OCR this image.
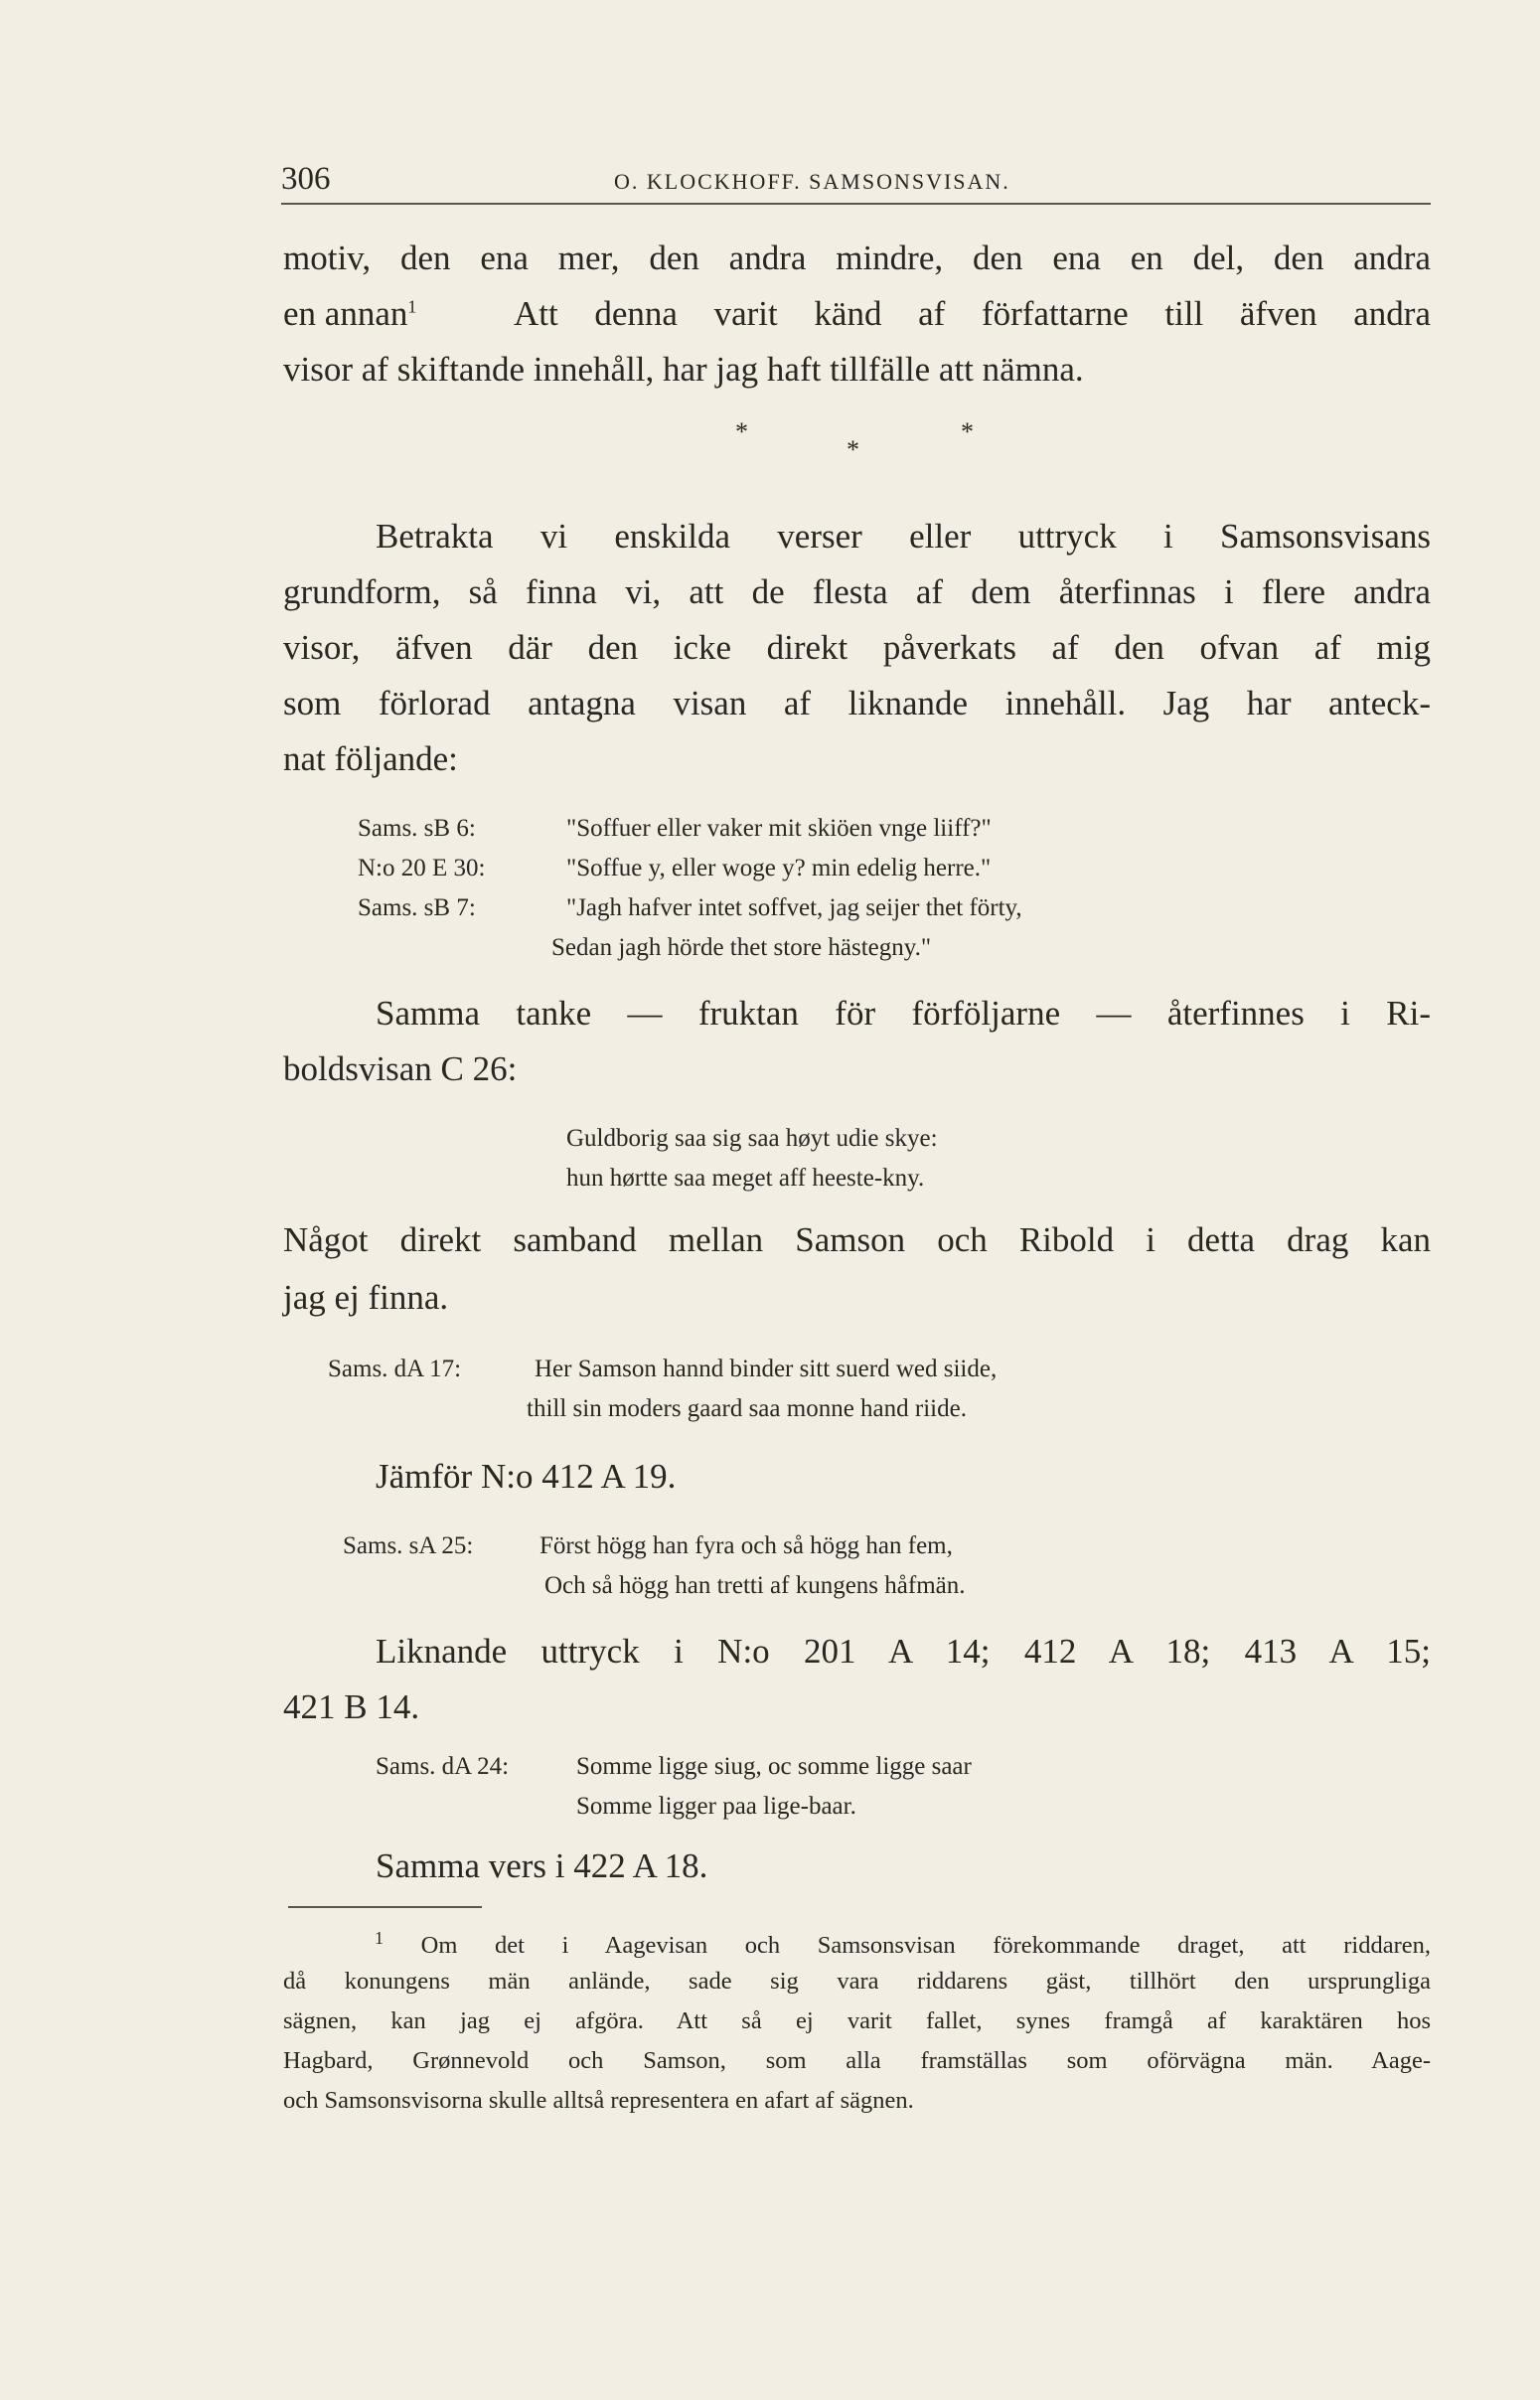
306	O. KLOCKHOFF. SAMSONSVISAN.
motiv, den ena mer, den andra mindre, den ena en del, den andra
en annan$^1$	Att denna varit känd af författarne till äfven andra
visor af skiftande innehåll, har jag haft tillfälle att nämna.
*
*
*
Betrakta vi enskilda verser eller uttryck i Samsonsvisans
grundform, så finna vi, att de flesta af dem återfinnas i flere andra
visor, äfven där den icke direkt påverkats af den ofvan af mig
som förlorad antagna visan af liknande innehåll. Jag har anteck-
nat följande:
Sams. sB 6:	"Soffuer eller vaker mit skiöen vnge liiff?"
N:o 20 E 30:	"Soffue y, eller woge y? min edelig herre."
Sams. sB 7:	"Jagh hafver intet soffvet, jag seijer thet förty,
Sedan jagh hörde thet store hästegny."
Samma tanke — fruktan för förföljarne — återfinnes i Ri-
boldsvisan C 26:
Guldborig saa sig saa høyt udie skye:
hun hørtte saa meget aff heeste-kny.
Något direkt samband mellan Samson och Ribold i detta drag kan
jag ej finna.
Sams. dA 17:	Her Samson hannd binder sitt suerd wed siide,
thill sin moders gaard saa monne hand riide.
Jämför N:o 412 A 19.
Sams. sA 25:	Först högg han fyra och så högg han fem,
Och så högg han tretti af kungens håfmän.
Liknande uttryck i N:o 201 A 14; 412 A 18; 413 A 15;
421 B 14.
Sams. dA 24:	Somme ligge siug, oc somme ligge saar
Somme ligger paa lige-baar.
Samma vers i 422 A 18.
$^1$ Om det i Aagevisan och Samsonsvisan förekommande draget, att riddaren,
då konungens män anlände, sade sig vara riddarens gäst, tillhört den ursprungliga
sägnen, kan jag ej afgöra. Att så ej varit fallet, synes framgå af karaktären hos
Hagbard, Grønnevold och Samson, som alla framställas som oförvägna män. Aage-
och Samsonsvisorna skulle alltså representera en afart af sägnen.
